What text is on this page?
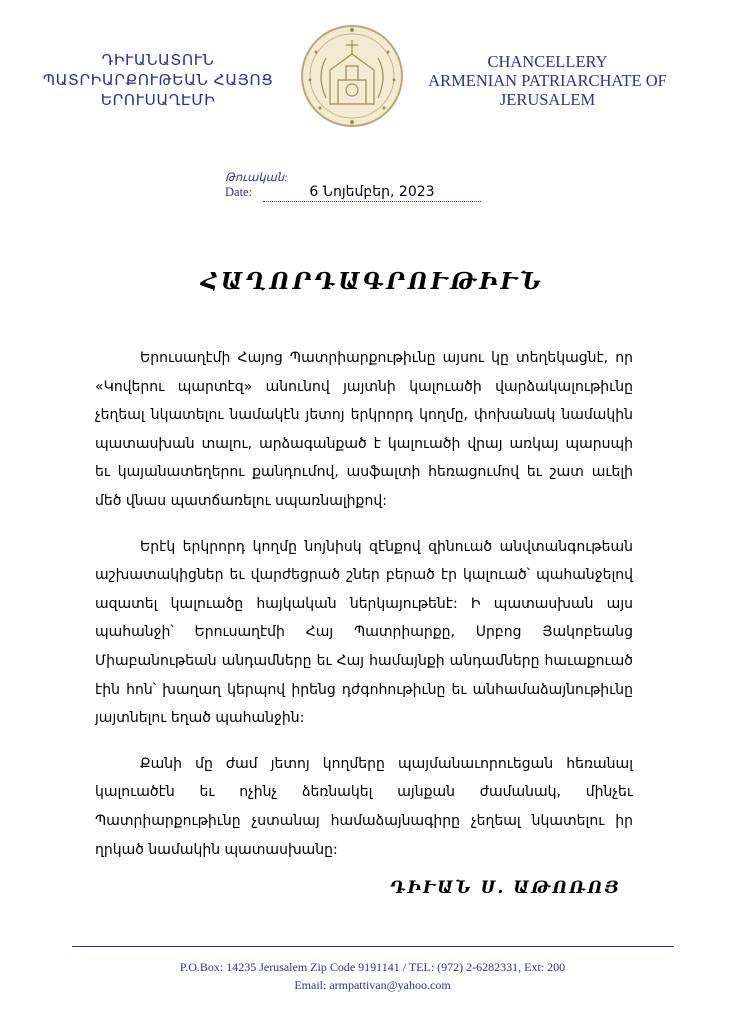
ԴԻՒԱՆԱՏՈՒՆ
ՊԱՏՐԻԱՐՔՈՒԹԵԱՆ ՀԱՅՈՑ
ԵՐՈՒՍԱՂԷՄԻ
CHANCELLERY
ARMENIAN PATRIARCHATE OF
JERUSALEM
Թուական:
Date:	6 Նոյեմբեր, 2023
ՀԱՂՈՐԴԱԳՐՈՒԹԻՒՆ

Երուսաղէմի Հայոց Պատրիարքութիւնը այսու կը տեղեկացնէ, որ «Կովերու պարտէզ» անունով յայտնի կալուածի վարձակալութիւնը չեղեալ նկատելու նամակէն յետոյ երկրորդ կողմը, փոխանակ նամակին պատասխան տալու, արձագանքած է կալուածի վրայ առկայ պարսպի եւ կայանատեղերու քանդումով, ասֆալտի հեռացումով եւ շատ աւելի մեծ վնաս պատճառելու սպառնալիքով:

Երէկ երկրորդ կողմը նոյնիսկ զէնքով զինուած անվտանգութեան աշխատակիցներ եւ վարժեցրած շներ բերած էր կալուած՝ պահանջելով ազատել կալուածը հայկական ներկայութենէ: Ի պատասխան այս պահանջի՝ Երուսաղէմի Հայ Պատրիարքը, Սրբոց Յակոբեանց Միաբանութեան անդամները եւ Հայ համայնքի անդամները հաւաքուած էին հոն՝ խաղաղ կերպով իրենց դժգոհութիւնը եւ անհամաձայնութիւնը յայտնելու եղած պահանջին:

Քանի մը ժամ յետոյ կողմերը պայմանաւորուեցան հեռանալ կալուածէն եւ ոչինչ ձեռնակել այնքան ժամանակ, մինչեւ Պատրիարքութիւնը չստանայ համաձայնագիրը չեղեալ նկատելու իր ղրկած նամակին պատասխանը:

ԴԻՒԱՆ Ս. ԱԹՈՌՈՅ
P.O.Box: 14235 Jerusalem Zip Code 9191141 / TEL: (972) 2-6282331, Ext: 200
Email: armpattivan@yahoo.com
